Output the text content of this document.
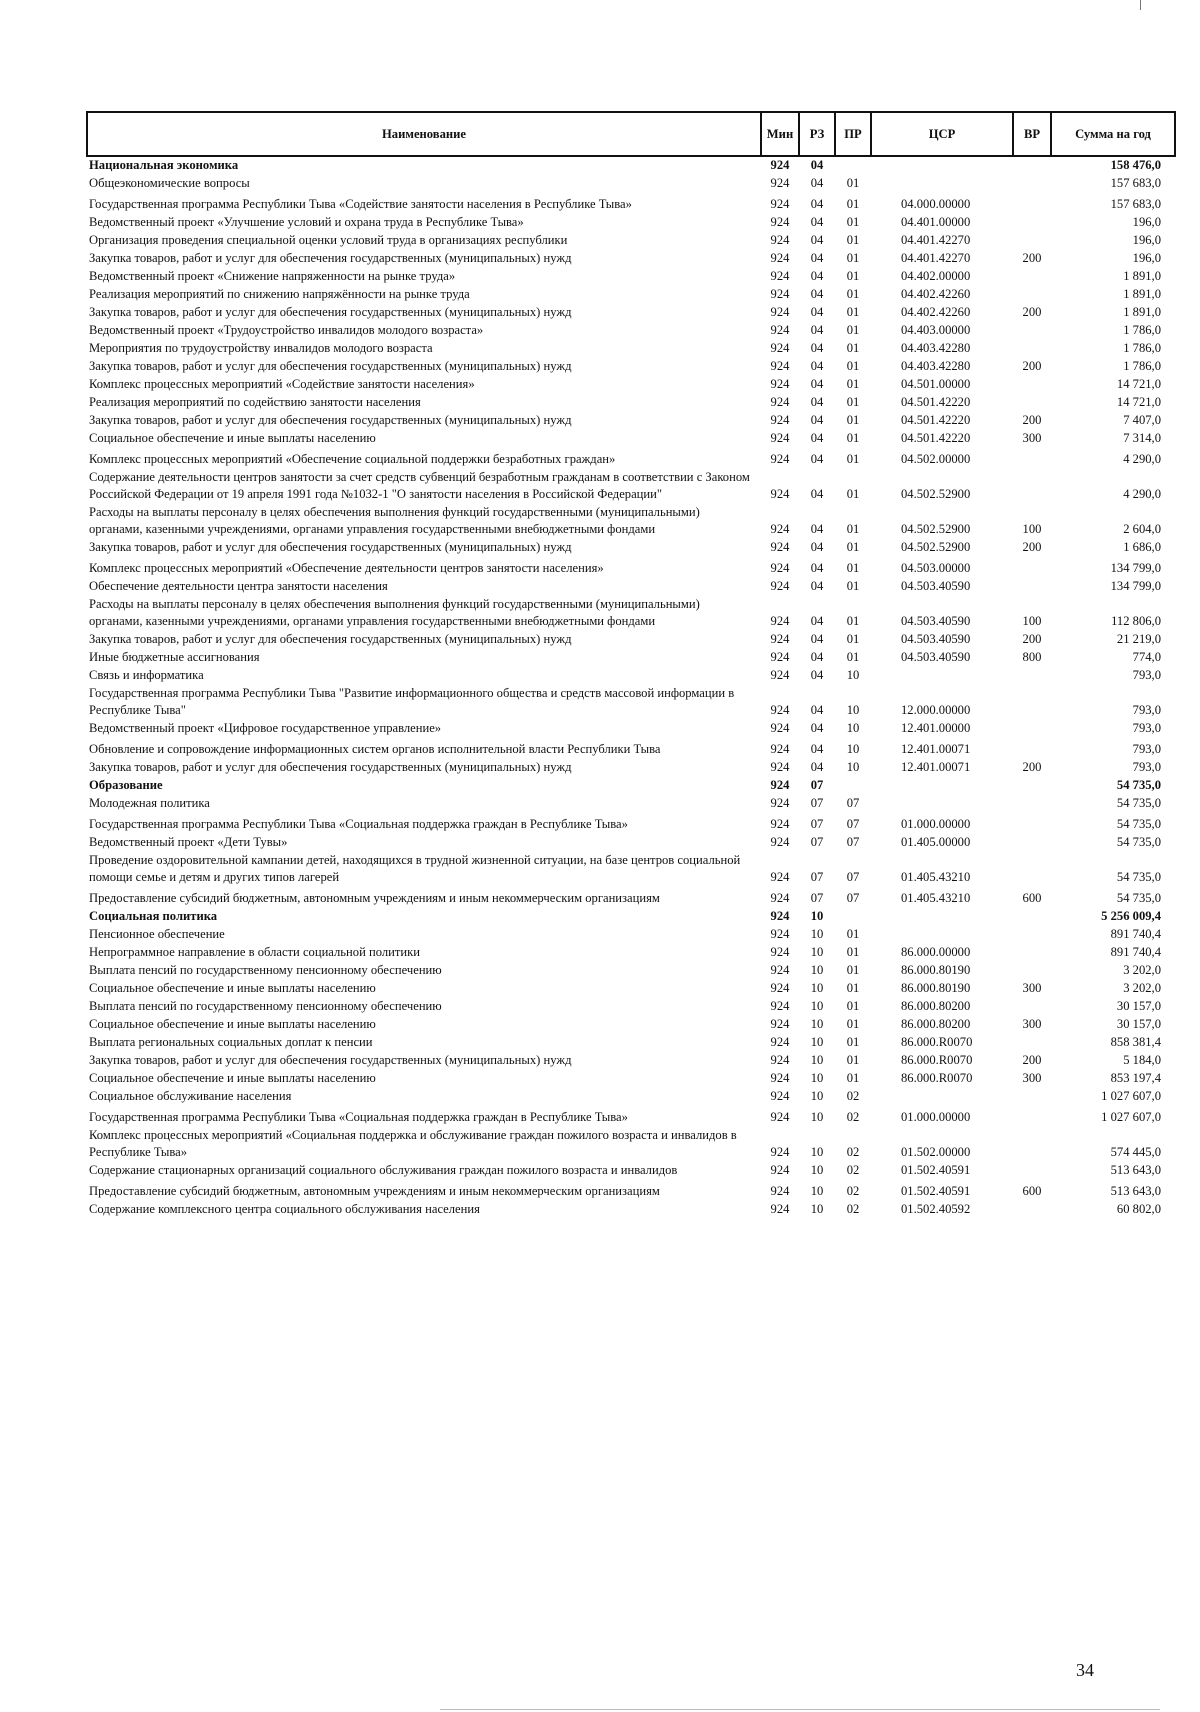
Наименование	Мин	РЗ	ПР	ЦСР	ВР	Сумма на год
Национальная экономика	924	04				158 476,0
Общеэкономические вопросы	924	04	01			157 683,0
Государственная программа Республики Тыва «Содействие занятости населения в Республике Тыва»	924	04	01	04.000.00000		157 683,0
Ведомственный проект «Улучшение условий и охрана труда в Республике Тыва»	924	04	01	04.401.00000		196,0
Организация проведения специальной оценки условий труда в организациях республики	924	04	01	04.401.42270		196,0
Закупка товаров, работ и услуг для обеспечения государственных (муниципальных) нужд	924	04	01	04.401.42270	200	196,0
Ведомственный проект «Снижение напряженности на рынке труда»	924	04	01	04.402.00000		1 891,0
Реализация мероприятий по снижению напряжённости на рынке труда	924	04	01	04.402.42260		1 891,0
Закупка товаров, работ и услуг для обеспечения государственных (муниципальных) нужд	924	04	01	04.402.42260	200	1 891,0
Ведомственный проект «Трудоустройство инвалидов молодого возраста»	924	04	01	04.403.00000		1 786,0
Мероприятия по трудоустройству инвалидов молодого возраста	924	04	01	04.403.42280		1 786,0
Закупка товаров, работ и услуг для обеспечения государственных (муниципальных) нужд	924	04	01	04.403.42280	200	1 786,0
Комплекс процессных мероприятий «Содействие занятости населения»	924	04	01	04.501.00000		14 721,0
Реализация мероприятий по содействию занятости населения	924	04	01	04.501.42220		14 721,0
Закупка товаров, работ и услуг для обеспечения государственных (муниципальных) нужд	924	04	01	04.501.42220	200	7 407,0
Социальное обеспечение и иные выплаты населению	924	04	01	04.501.42220	300	7 314,0
Комплекс процессных мероприятий «Обеспечение социальной поддержки безработных граждан»	924	04	01	04.502.00000		4 290,0
Содержание деятельности центров занятости за счет средств субвенций безработным гражданам в соответствии с Законом Российской Федерации от 19 апреля 1991 года №1032-1 "О занятости населения в Российской Федерации"	924	04	01	04.502.52900		4 290,0
Расходы на выплаты персоналу в целях обеспечения выполнения функций государственными (муниципальными) органами, казенными учреждениями, органами управления государственными внебюджетными фондами	924	04	01	04.502.52900	100	2 604,0
Закупка товаров, работ и услуг для обеспечения государственных (муниципальных) нужд	924	04	01	04.502.52900	200	1 686,0
Комплекс процессных мероприятий «Обеспечение деятельности центров занятости населения»	924	04	01	04.503.00000		134 799,0
Обеспечение деятельности центра занятости населения	924	04	01	04.503.40590		134 799,0
Расходы на выплаты персоналу в целях обеспечения выполнения функций государственными (муниципальными) органами, казенными учреждениями, органами управления государственными внебюджетными фондами	924	04	01	04.503.40590	100	112 806,0
Закупка товаров, работ и услуг для обеспечения государственных (муниципальных) нужд	924	04	01	04.503.40590	200	21 219,0
Иные бюджетные ассигнования	924	04	01	04.503.40590	800	774,0
Связь и информатика	924	04	10			793,0
Государственная программа Республики Тыва "Развитие информационного общества и средств массовой информации в Республике Тыва"	924	04	10	12.000.00000		793,0
Ведомственный проект «Цифровое государственное управление»	924	04	10	12.401.00000		793,0
Обновление и сопровождение информационных систем органов исполнительной власти Республики Тыва	924	04	10	12.401.00071		793,0
Закупка товаров, работ и услуг для обеспечения государственных (муниципальных) нужд	924	04	10	12.401.00071	200	793,0
Образование	924	07				54 735,0
Молодежная политика	924	07	07			54 735,0
Государственная программа Республики Тыва «Социальная поддержка граждан в Республике Тыва»	924	07	07	01.000.00000		54 735,0
Ведомственный проект «Дети Тувы»	924	07	07	01.405.00000		54 735,0
Проведение оздоровительной кампании детей, находящихся в трудной жизненной ситуации, на базе центров социальной помощи семье и детям и других типов лагерей	924	07	07	01.405.43210		54 735,0
Предоставление субсидий бюджетным, автономным учреждениям и иным некоммерческим организациям	924	07	07	01.405.43210	600	54 735,0
Социальная политика	924	10				5 256 009,4
Пенсионное обеспечение	924	10	01			891 740,4
Непрограммное направление в области социальной политики	924	10	01	86.000.00000		891 740,4
Выплата пенсий по государственному пенсионному обеспечению	924	10	01	86.000.80190		3 202,0
Социальное обеспечение и иные выплаты населению	924	10	01	86.000.80190	300	3 202,0
Выплата пенсий по государственному пенсионному обеспечению	924	10	01	86.000.80200		30 157,0
Социальное обеспечение и иные выплаты населению	924	10	01	86.000.80200	300	30 157,0
Выплата региональных социальных доплат к пенсии	924	10	01	86.000.R0070		858 381,4
Закупка товаров, работ и услуг для обеспечения государственных (муниципальных) нужд	924	10	01	86.000.R0070	200	5 184,0
Социальное обеспечение и иные выплаты населению	924	10	01	86.000.R0070	300	853 197,4
Социальное обслуживание населения	924	10	02			1 027 607,0
Государственная программа Республики Тыва «Социальная поддержка граждан в Республике Тыва»	924	10	02	01.000.00000		1 027 607,0
Комплекс процессных мероприятий «Социальная поддержка и обслуживание граждан пожилого возраста и инвалидов в Республике Тыва»	924	10	02	01.502.00000		574 445,0
Содержание стационарных организаций социального обслуживания граждан пожилого возраста и инвалидов	924	10	02	01.502.40591		513 643,0
Предоставление субсидий бюджетным, автономным учреждениям и иным некоммерческим организациям	924	10	02	01.502.40591	600	513 643,0
Содержание комплексного центра социального обслуживания населения	924	10	02	01.502.40592		60 802,0
34
